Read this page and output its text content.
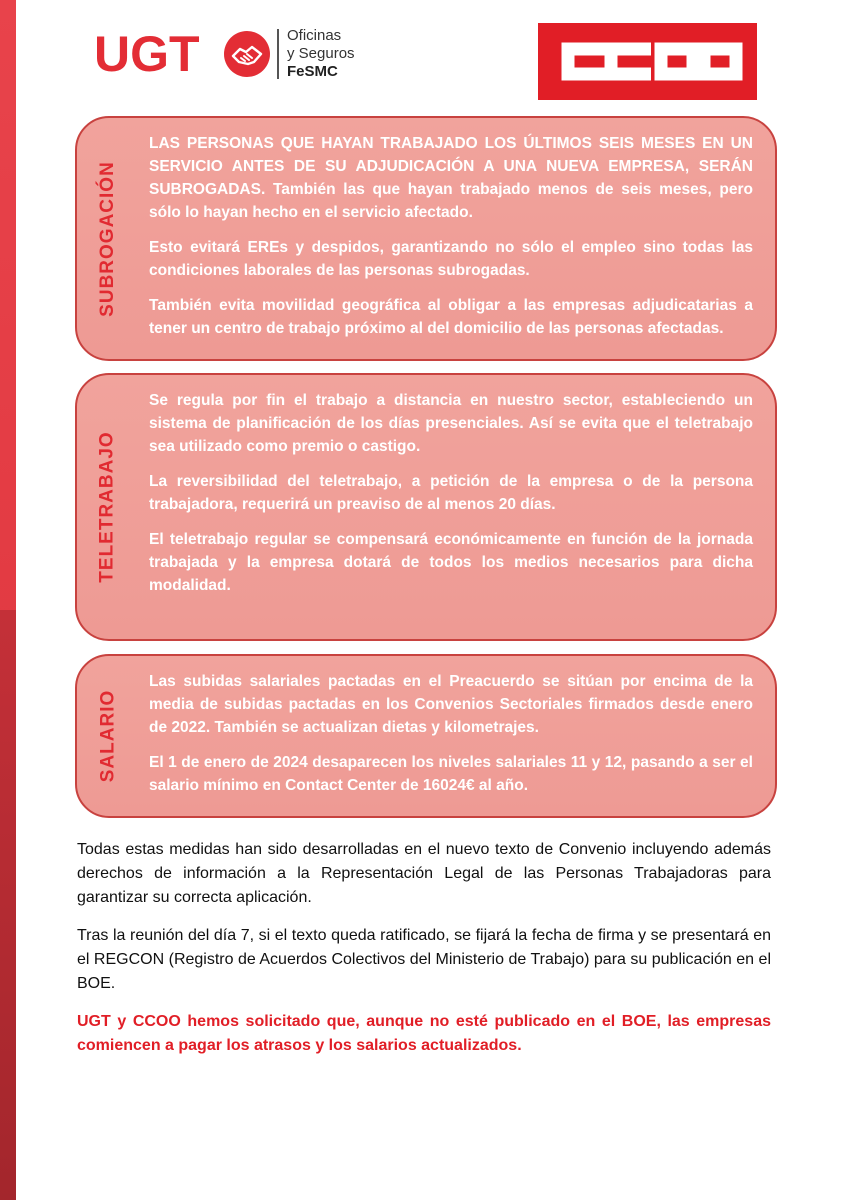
UGT	Oficinas
y Seguros
FeSMC
SUBROGACIÓN

LAS PERSONAS QUE HAYAN TRABAJADO LOS ÚLTIMOS SEIS MESES EN UN SERVICIO ANTES DE SU ADJUDICACIÓN A UNA NUEVA EMPRESA, SERÁN SUBROGADAS. También las que hayan trabajado menos de seis meses, pero sólo lo hayan hecho en el servicio afectado.

Esto evitará EREs y despidos, garantizando no sólo el empleo sino todas las condiciones laborales de las personas subrogadas.

También evita movilidad geográfica al obligar a las empresas adjudicatarias a tener un centro de trabajo próximo al del domicilio de las personas afectadas.

TELETRABAJO

Se regula por fin el trabajo a distancia en nuestro sector, estableciendo un sistema de planificación de los días presenciales. Así se evita que el teletrabajo sea utilizado como premio o castigo.

La reversibilidad del teletrabajo, a petición de la empresa o de la persona trabajadora, requerirá un preaviso de al menos 20 días.

El teletrabajo regular se compensará económicamente en función de la jornada trabajada y la empresa dotará de todos los medios necesarios para dicha modalidad.

SALARIO

Las subidas salariales pactadas en el Preacuerdo se sitúan por encima de la media de subidas pactadas en los Convenios Sectoriales firmados desde enero de 2022. También se actualizan dietas y kilometrajes.

El 1 de enero de 2024 desaparecen los niveles salariales 11 y 12, pasando a ser el salario mínimo en Contact Center de 16024€ al año.

Todas estas medidas han sido desarrolladas en el nuevo texto de Convenio incluyendo además derechos de información a la Representación Legal de las Personas Trabajadoras para garantizar su correcta aplicación.

Tras la reunión del día 7, si el texto queda ratificado, se fijará la fecha de firma y se presentará en el REGCON (Registro de Acuerdos Colectivos del Ministerio de Trabajo) para su publicación en el BOE.

UGT y CCOO hemos solicitado que, aunque no esté publicado en el BOE, las empresas comiencen a pagar los atrasos y los salarios actualizados.
